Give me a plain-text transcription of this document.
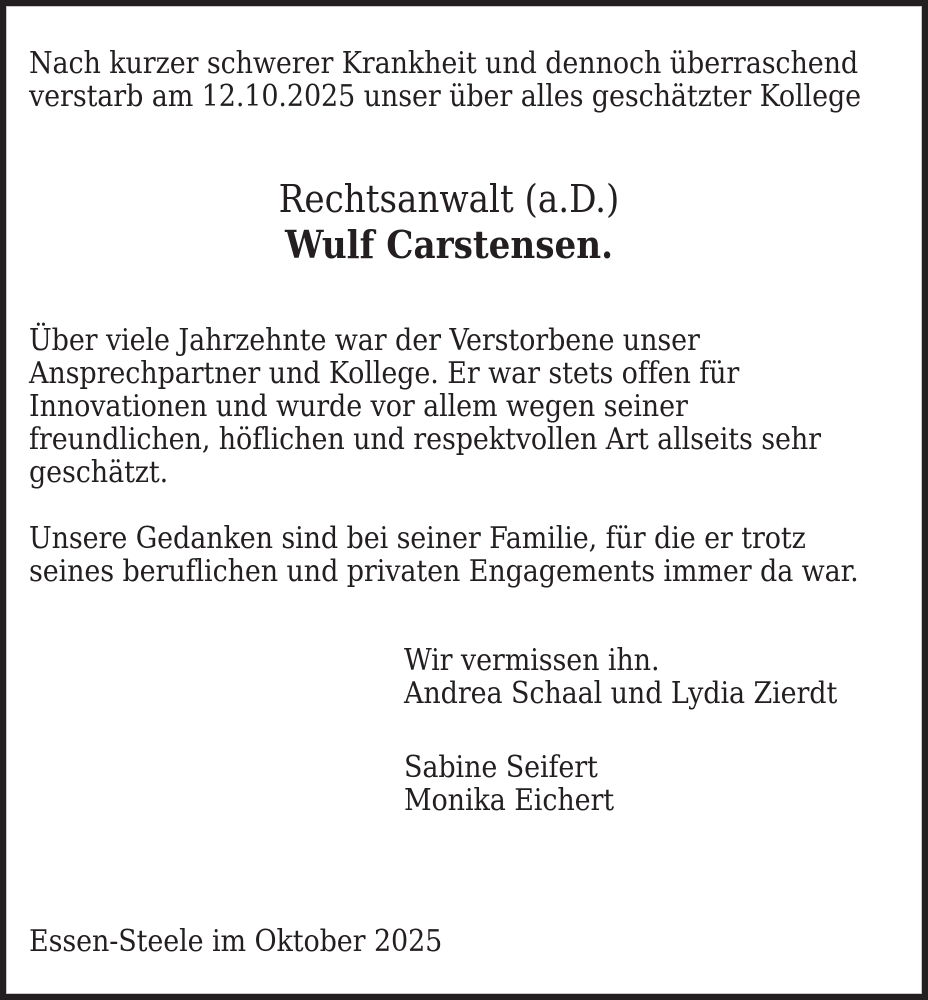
Nach kurzer schwerer Krankheit und dennoch überraschend
verstarb am 12.10.2025 unser über alles geschätzter Kollege
Rechtsanwalt (a.D.)
Wulf Carstensen.

Über viele Jahrzehnte war der Verstorbene unser
Ansprechpartner und Kollege. Er war stets offen für
Innovationen und wurde vor allem wegen seiner
freundlichen, höflichen und respektvollen Art allseits sehr
geschätzt.

Unsere Gedanken sind bei seiner Familie, für die er trotz
seines beruflichen und privaten Engagements immer da war.

Wir vermissen ihn.
Andrea Schaal und Lydia Zierdt

Sabine Seifert
Monika Eichert

Essen-Steele im Oktober 2025
